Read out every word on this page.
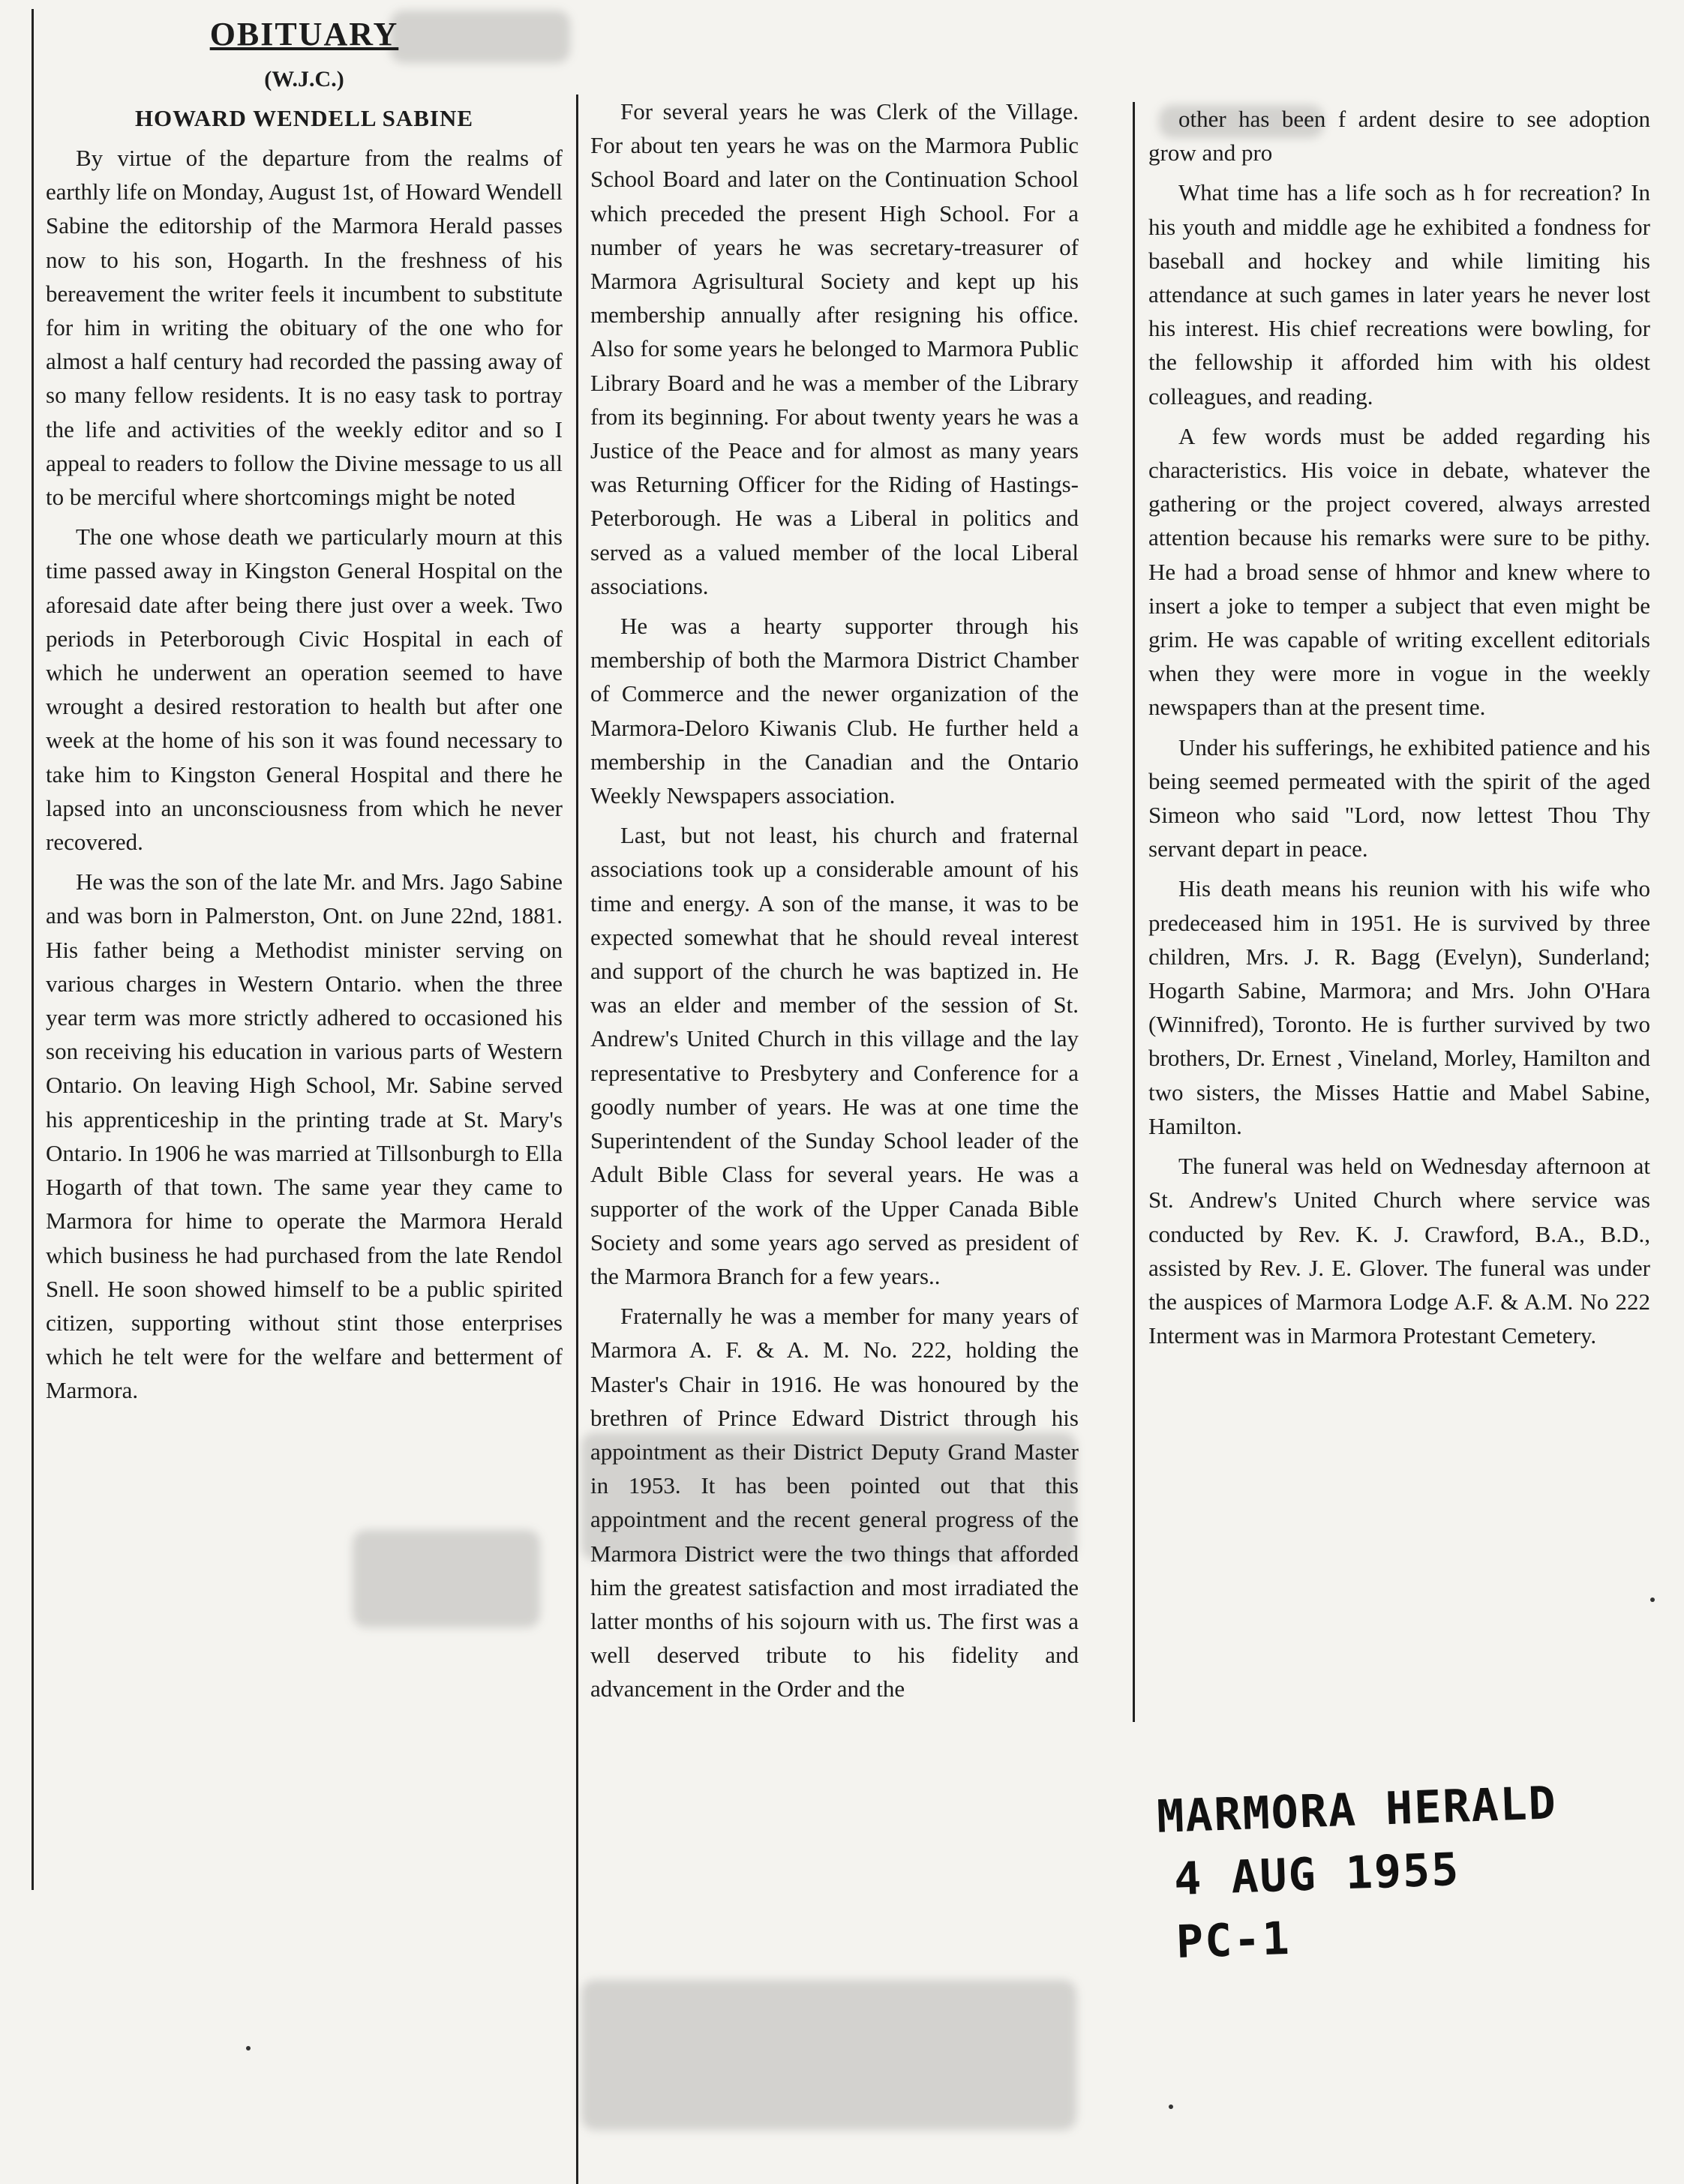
OBITUARY
(W.J.C.)
HOWARD WENDELL SABINE

By virtue of the departure from the realms of earthly life on Monday, August 1st, of Howard Wendell Sabine the editorship of the Marmora Herald passes now to his son, Hogarth. In the freshness of his bereavement the writer feels it incumbent to substitute for him in writing the obituary of the one who for almost a half century had recorded the passing away of so many fellow residents. It is no easy task to portray the life and activities of the weekly editor and so I appeal to readers to follow the Divine message to us all to be merciful where shortcomings might be noted

The one whose death we particularly mourn at this time passed away in Kingston General Hospital on the aforesaid date after being there just over a week. Two periods in Peterborough Civic Hospital in each of which he underwent an operation seemed to have wrought a desired restoration to health but after one week at the home of his son it was found necessary to take him to Kingston General Hospital and there he lapsed into an unconsciousness from which he never recovered.

He was the son of the late Mr. and Mrs. Jago Sabine and was born in Palmerston, Ont. on June 22nd, 1881. His father being a Methodist minister serving on various charges in Western Ontario. when the three year term was more strictly adhered to occasioned his son receiving his education in various parts of Western Ontario. On leaving High School, Mr. Sabine served his apprenticeship in the printing trade at St. Mary's Ontario. In 1906 he was married at Tillsonburgh to Ella Hogarth of that town. The same year they came to Marmora for hime to operate the Marmora Herald which business he had purchased from the late Rendol Snell. He soon showed himself to be a public spirited citizen, supporting without stint those enterprises which he telt were for the welfare and betterment of Marmora.

For several years he was Clerk of the Village. For about ten years he was on the Marmora Public School Board and later on the Continuation School which preceded the present High School. For a number of years he was secretary-treasurer of Marmora Agrisultural Society and kept up his membership annually after resigning his office. Also for some years he belonged to Marmora Public Library Board and he was a member of the Library from its beginning. For about twenty years he was a Justice of the Peace and for almost as many years was Returning Officer for the Riding of Hastings-Peterborough. He was a Liberal in politics and served as a valued member of the local Liberal associations.

He was a hearty supporter through his membership of both the Marmora District Chamber of Commerce and the newer organization of the Marmora-Deloro Kiwanis Club. He further held a membership in the Canadian and the Ontario Weekly Newspapers association.

Last, but not least, his church and fraternal associations took up a considerable amount of his time and energy. A son of the manse, it was to be expected somewhat that he should reveal interest and support of the church he was baptized in. He was an elder and member of the session of St. Andrew's United Church in this village and the lay representative to Presbytery and Conference for a goodly number of years. He was at one time the Superintendent of the Sunday School leader of the Adult Bible Class for several years. He was a supporter of the work of the Upper Canada Bible Society and some years ago served as president of the Marmora Branch for a few years..

Fraternally he was a member for many years of Marmora A. F. & A. M. No. 222, holding the Master's Chair in 1916. He was honoured by the brethren of Prince Edward District through his appointment as their District Deputy Grand Master in 1953. It has been pointed out that this appointment and the recent general progress of the Marmora District were the two things that afforded him the greatest satisfaction and most irradiated the latter months of his sojourn with us. The first was a well deserved tribute to his fidelity and advancement in the Order and the

other has been f ardent desire to see adoption grow and pro

What time has a life soch as h for recreation? In his youth and middle age he exhibited a fondness for baseball and hockey and while limiting his attendance at such games in later years he never lost his interest. His chief recreations were bowling, for the fellowship it afforded him with his oldest colleagues, and reading.

A few words must be added regarding his characteristics. His voice in debate, whatever the gathering or the project covered, always arrested attention because his remarks were sure to be pithy. He had a broad sense of hhmor and knew where to insert a joke to temper a subject that even might be grim. He was capable of writing excellent editorials when they were more in vogue in the weekly newspapers than at the present time.

Under his sufferings, he exhibited patience and his being seemed permeated with the spirit of the aged Simeon who said "Lord, now lettest Thou Thy servant depart in peace.

His death means his reunion with his wife who predeceased him in 1951. He is survived by three children, Mrs. J. R. Bagg (Evelyn), Sunderland; Hogarth Sabine, Marmora; and Mrs. John O'Hara (Winnifred), Toronto. He is further survived by two brothers, Dr. Ernest , Vineland, Morley, Hamilton and two sisters, the Misses Hattie and Mabel Sabine, Hamilton.

The funeral was held on Wednesday afternoon at St. Andrew's United Church where service was conducted by Rev. K. J. Crawford, B.A., B.D., assisted by Rev. J. E. Glover. The funeral was under the auspices of Marmora Lodge A.F. & A.M. No 222 Interment was in Marmora Protestant Cemetery.

MARMORA HERALD
4 AUG 1955
PC-1
